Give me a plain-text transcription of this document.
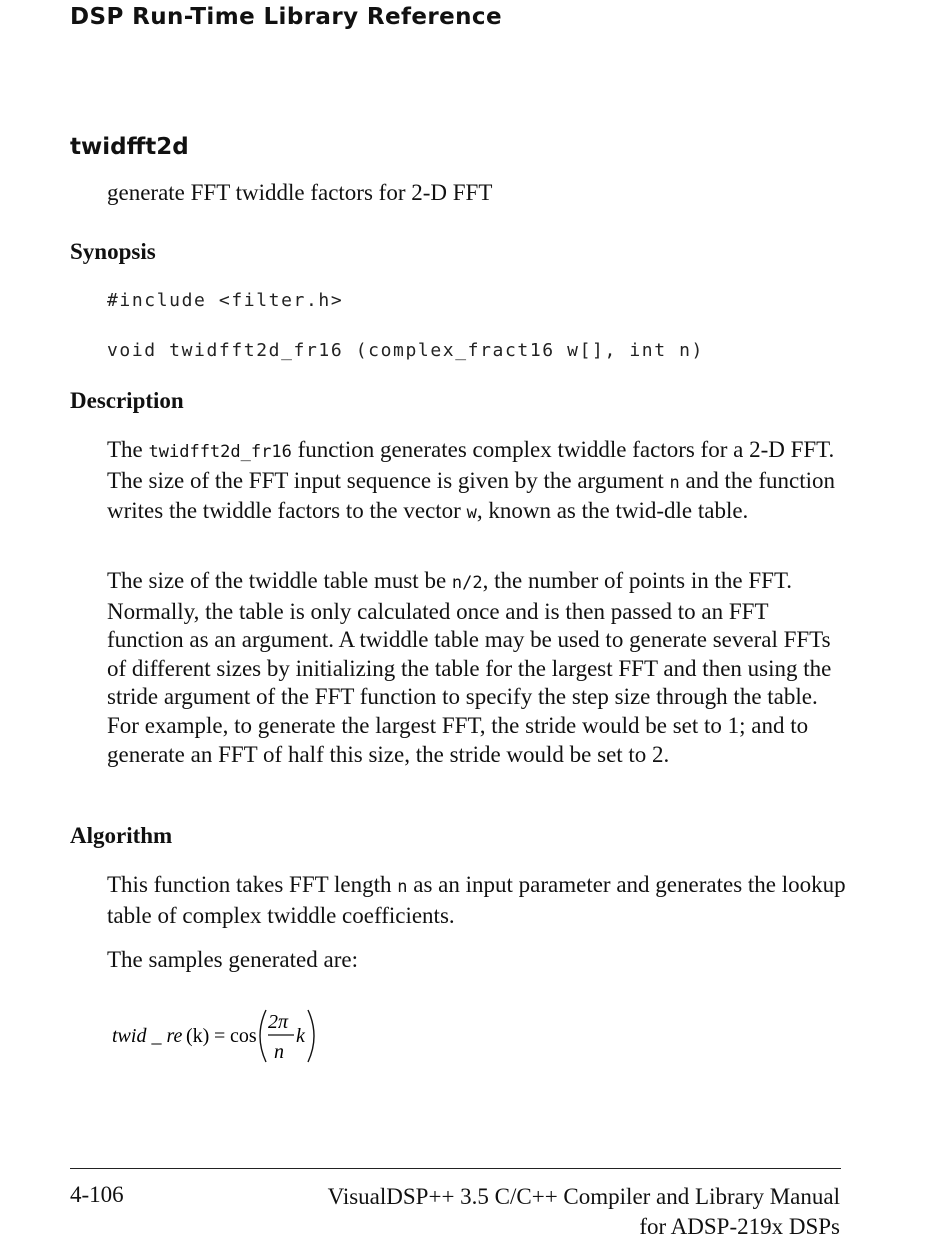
DSP Run-Time Library Reference
twidfft2d
generate FFT twiddle factors for 2-D FFT
Synopsis
#include <filter.h>
void twidfft2d_fr16 (complex_fract16 w[], int n)
Description

The twidfft2d_fr16 function generates complex twiddle factors for a 2-D FFT. The size of the FFT input sequence is given by the argument n and the function writes the twiddle factors to the vector w, known as the twid-dle table.

The size of the twiddle table must be n/2, the number of points in the FFT. Normally, the table is only calculated once and is then passed to an FFT function as an argument. A twiddle table may be used to generate several FFTs of different sizes by initializing the table for the largest FFT and then using the stride argument of the FFT function to specify the step size through the table. For example, to generate the largest FFT, the stride would be set to 1; and to generate an FFT of half this size, the stride would be set to 2.

Algorithm

This function takes FFT length n as an input parameter and generates the lookup table of complex twiddle coefficients.

The samples generated are:

twid _ re (k) = cos
2π
n
k
4-106	VisualDSP++ 3.5 C/C++ Compiler and Library Manual
for ADSP-219x DSPs
